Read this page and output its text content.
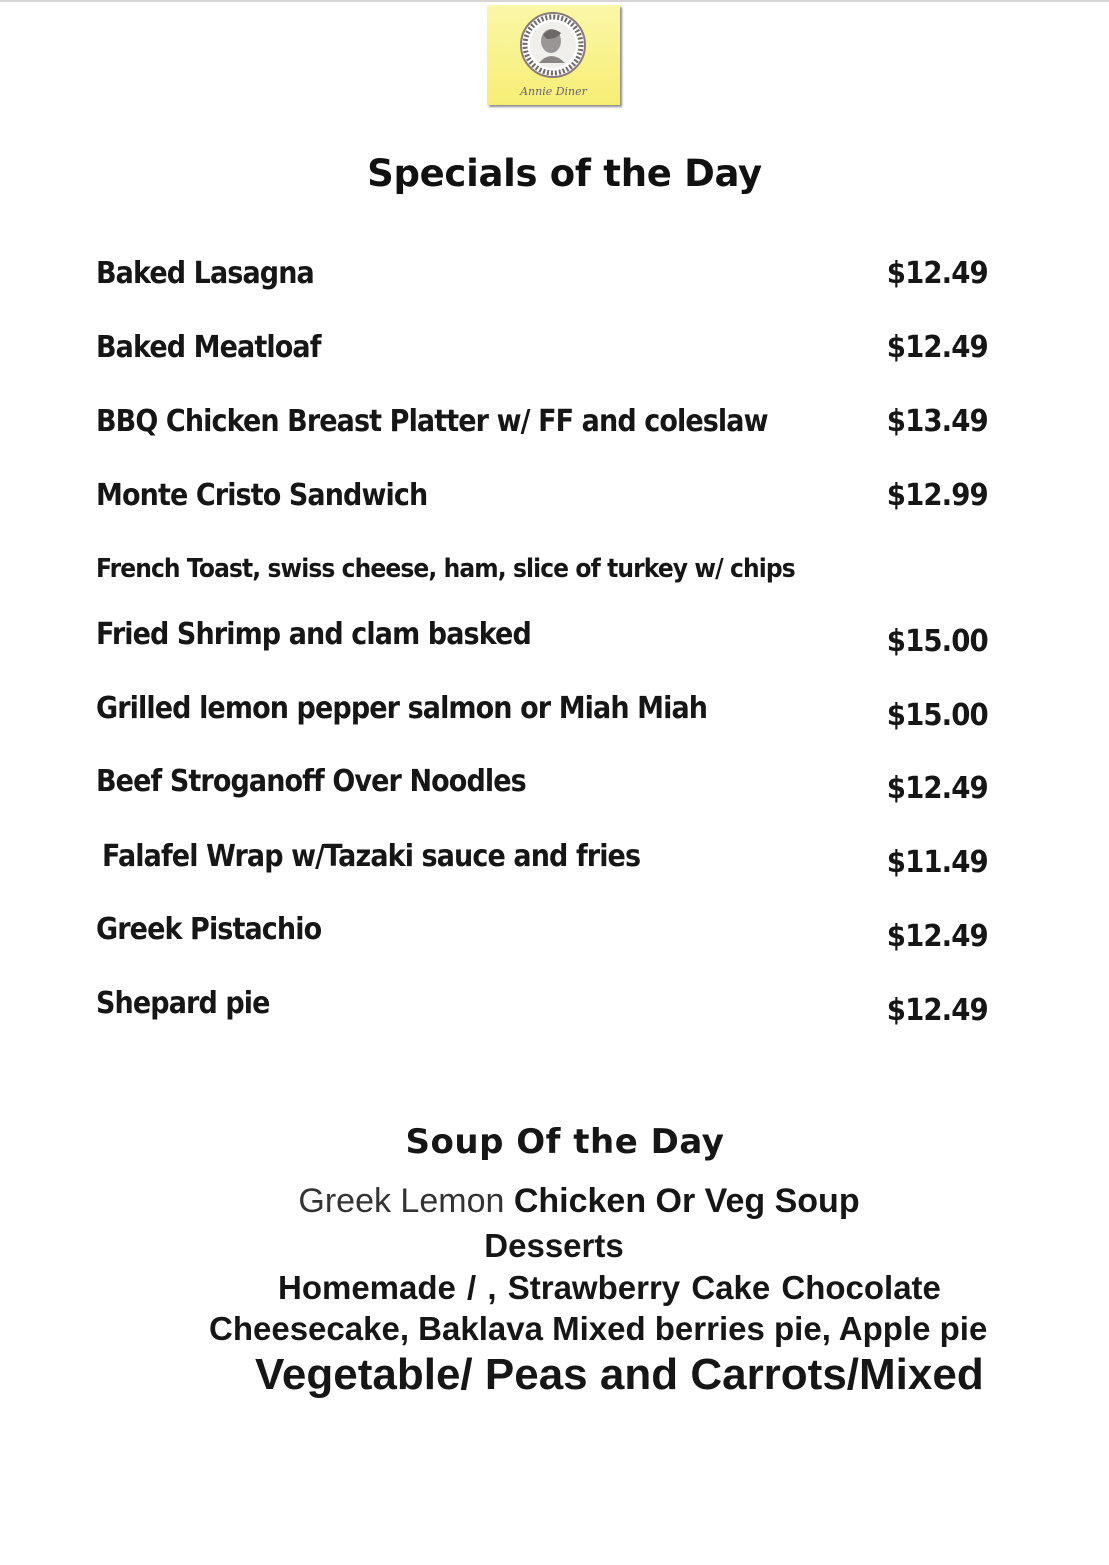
Annie Diner
Specials of the Day
Baked Lasagna	$12.49
Baked Meatloaf	$12.49
BBQ Chicken Breast Platter w/ FF and coleslaw	$13.49
Monte Cristo Sandwich	$12.99
French Toast, swiss cheese, ham, slice of turkey w/ chips
Fried Shrimp and clam basked	$15.00
Grilled lemon pepper salmon or Miah Miah	$15.00
Beef Stroganoff Over Noodles	$12.49
Falafel Wrap w/Tazaki sauce and fries	$11.49
Greek Pistachio	$12.49
Shepard pie	$12.49
Soup Of the Day
Greek Lemon Chicken Or Veg Soup
Desserts
Homemade / , Strawberry Cake Chocolate
Cheesecake, Baklava Mixed berries pie, Apple pie
Vegetable/ Peas and Carrots/Mixed
